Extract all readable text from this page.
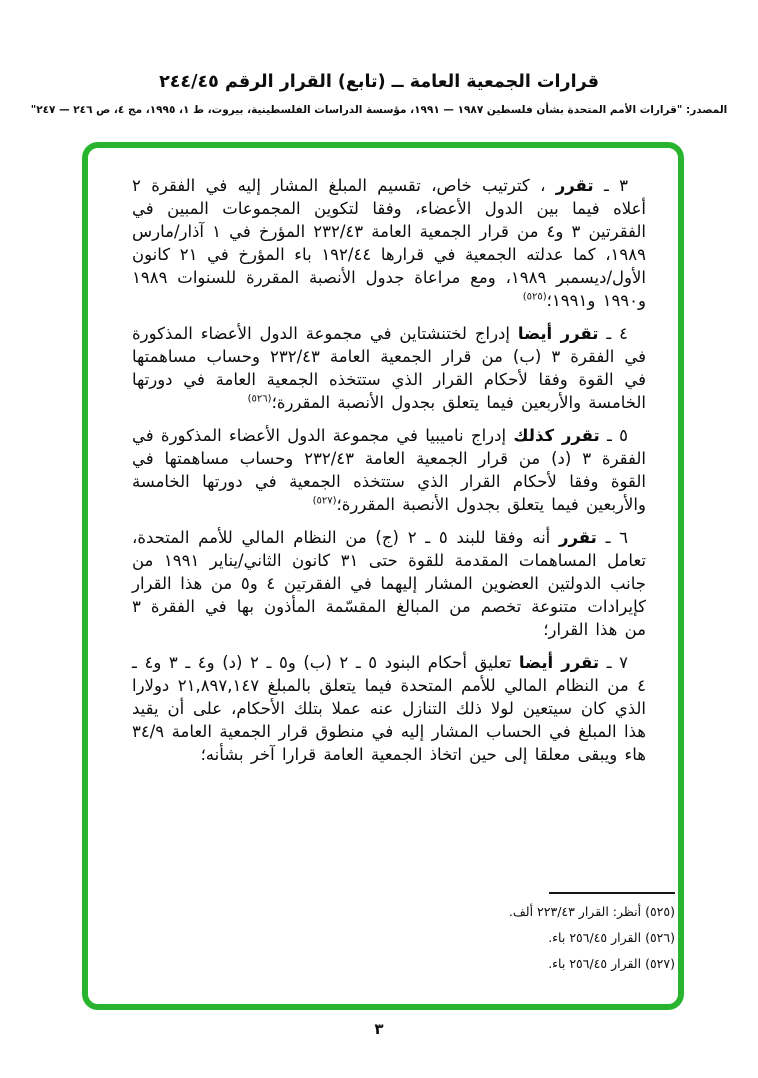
قرارات الجمعية العامة ــ (تابع) القرار الرقم ٢٤٤/٤٥
المصدر: "قرارات الأمم المتحدة بشأن فلسطين ١٩٨٧ — ١٩٩١، مؤسسة الدراسات الفلسطينية، بيروت، ط ١، ١٩٩٥، مج ٤، ص ٢٤٦ — ٢٤٧"

٣ ـ تقرر ، كترتيب خاص، تقسيم المبلغ المشار إليه في الفقرة ٢ أعلاه فيما بين الدول الأعضاء، وفقا لتكوين المجموعات المبين في الفقرتين ٣ و٤ من قرار الجمعية العامة ٢٣٢/٤٣ المؤرخ في ١ آذار/مارس ١٩٨٩، كما عدلته الجمعية في قرارها ١٩٢/٤٤ باء المؤرخ في ٢١ كانون الأول/ديسمبر ١٩٨٩، ومع مراعاة جدول الأنصبة المقررة للسنوات ١٩٨٩ و١٩٩٠ و١٩٩١؛$^{(٥٢٥)}$

٤ ـ تقرر أيضا إدراج لختنشتاين في مجموعة الدول الأعضاء المذكورة في الفقرة ٣ (ب) من قرار الجمعية العامة ٢٣٢/٤٣ وحساب مساهمتها في القوة وفقا لأحكام القرار الذي ستتخذه الجمعية العامة في دورتها الخامسة والأربعين فيما يتعلق بجدول الأنصبة المقررة؛$^{(٥٢٦)}$

٥ ـ تقرر كذلك إدراج ناميبيا في مجموعة الدول الأعضاء المذكورة في الفقرة ٣ (د) من قرار الجمعية العامة ٢٣٢/٤٣ وحساب مساهمتها في القوة وفقا لأحكام القرار الذي ستتخذه الجمعية في دورتها الخامسة والأربعين فيما يتعلق بجدول الأنصبة المقررة؛$^{(٥٢٧)}$

٦ ـ تقرر أنه وفقا للبند ٥ ـ ٢ (ج) من النظام المالي للأمم المتحدة، تعامل المساهمات المقدمة للقوة حتى ٣١ كانون الثاني/يناير ١٩٩١ من جانب الدولتين العضوين المشار إليهما في الفقرتين ٤ و٥ من هذا القرار كإيرادات متنوعة تخصم من المبالغ المقسّمة المأذون بها في الفقرة ٣ من هذا القرار؛

٧ ـ تقرر أيضا تعليق أحكام البنود ٥ ـ ٢ (ب) و٥ ـ ٢ (د) و٤ ـ ٣ و٤ ـ ٤ من النظام المالي للأمم المتحدة فيما يتعلق بالمبلغ ٢١,٨٩٧,١٤٧ دولارا الذي كان سيتعين لولا ذلك التنازل عنه عملا بتلك الأحكام، على أن يقيد هذا المبلغ في الحساب المشار إليه في منطوق قرار الجمعية العامة ٣٤/٩ هاء ويبقى معلقا إلى حين اتخاذ الجمعية العامة قرارا آخر بشأنه؛

(٥٢٥) أنظر: القرار ٢٢٣/٤٣ ألف.
(٥٢٦) القرار ٢٥٦/٤٥ باء.
(٥٢٧) القرار ٢٥٦/٤٥ باء.
٣
